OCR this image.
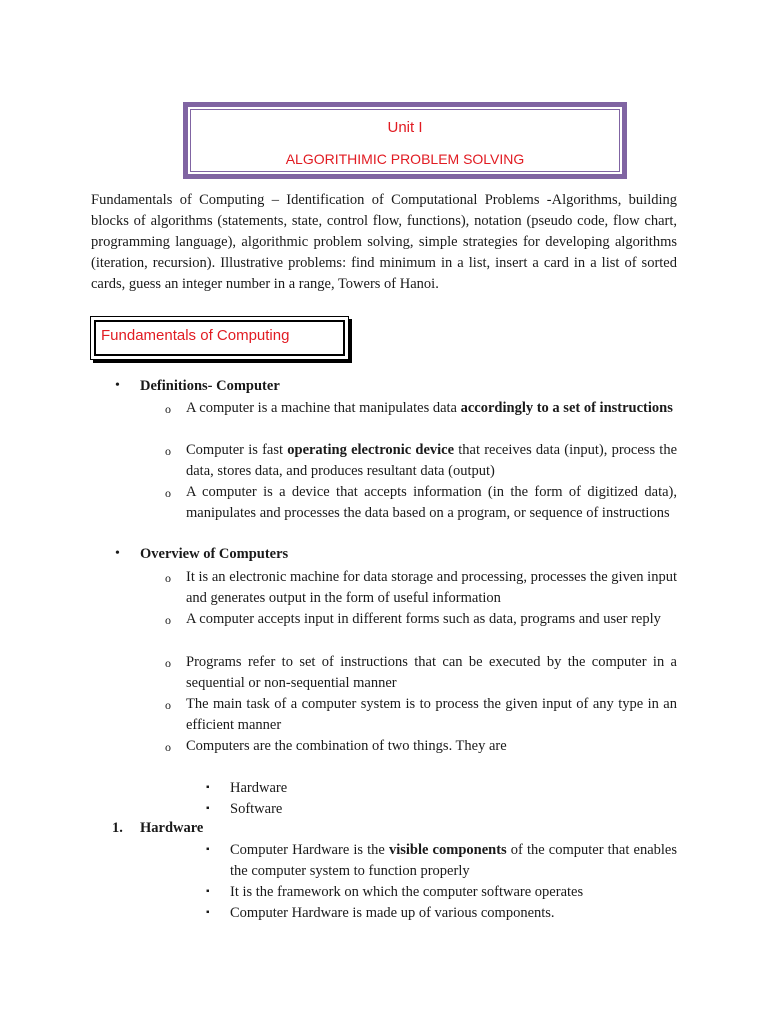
Unit I
ALGORITHIMIC PROBLEM SOLVING
Fundamentals of Computing – Identification of Computational Problems -Algorithms, building blocks of algorithms (statements, state, control flow, functions), notation (pseudo code, flow chart, programming language), algorithmic problem solving, simple strategies for developing algorithms (iteration, recursion). Illustrative problems: find minimum in a list, insert a card in a list of sorted cards, guess an integer number in a range, Towers of Hanoi.
Fundamentals of Computing
• Definitions- Computer
o A computer is a machine that manipulates data accordingly to a set of instructions
o Computer is fast operating electronic device that receives data (input), process the data, stores data, and produces resultant data (output)
o A computer is a device that accepts information (in the form of digitized data), manipulates and processes the data based on a program, or sequence of instructions
• Overview of Computers
o It is an electronic machine for data storage and processing, processes the given input and generates output in the form of useful information
o A computer accepts input in different forms such as data, programs and user reply
o Programs refer to set of instructions that can be executed by the computer in a sequential or non-sequential manner
o The main task of a computer system is to process the given input of any type in an efficient manner
o Computers are the combination of two things. They are
▪ Hardware
▪ Software
1. Hardware
▪ Computer Hardware is the visible components of the computer that enables the computer system to function properly
▪ It is the framework on which the computer software operates
▪ Computer Hardware is made up of various components.
